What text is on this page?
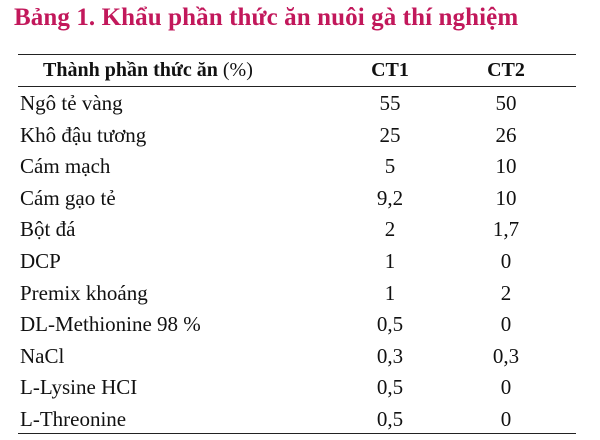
Bảng 1. Khẩu phần thức ăn nuôi gà thí nghiệm
Thành phần thức ăn (%)	CT1	CT2
Ngô tẻ vàng	55	50
Khô đậu tương	25	26
Cám mạch	5	10
Cám gạo tẻ	9,2	10
Bột đá	2	1,7
DCP	1	0
Premix khoáng	1	2
DL-Methionine 98 %	0,5	0
NaCl	0,3	0,3
L-Lysine HCI	0,5	0
L-Threonine	0,5	0
